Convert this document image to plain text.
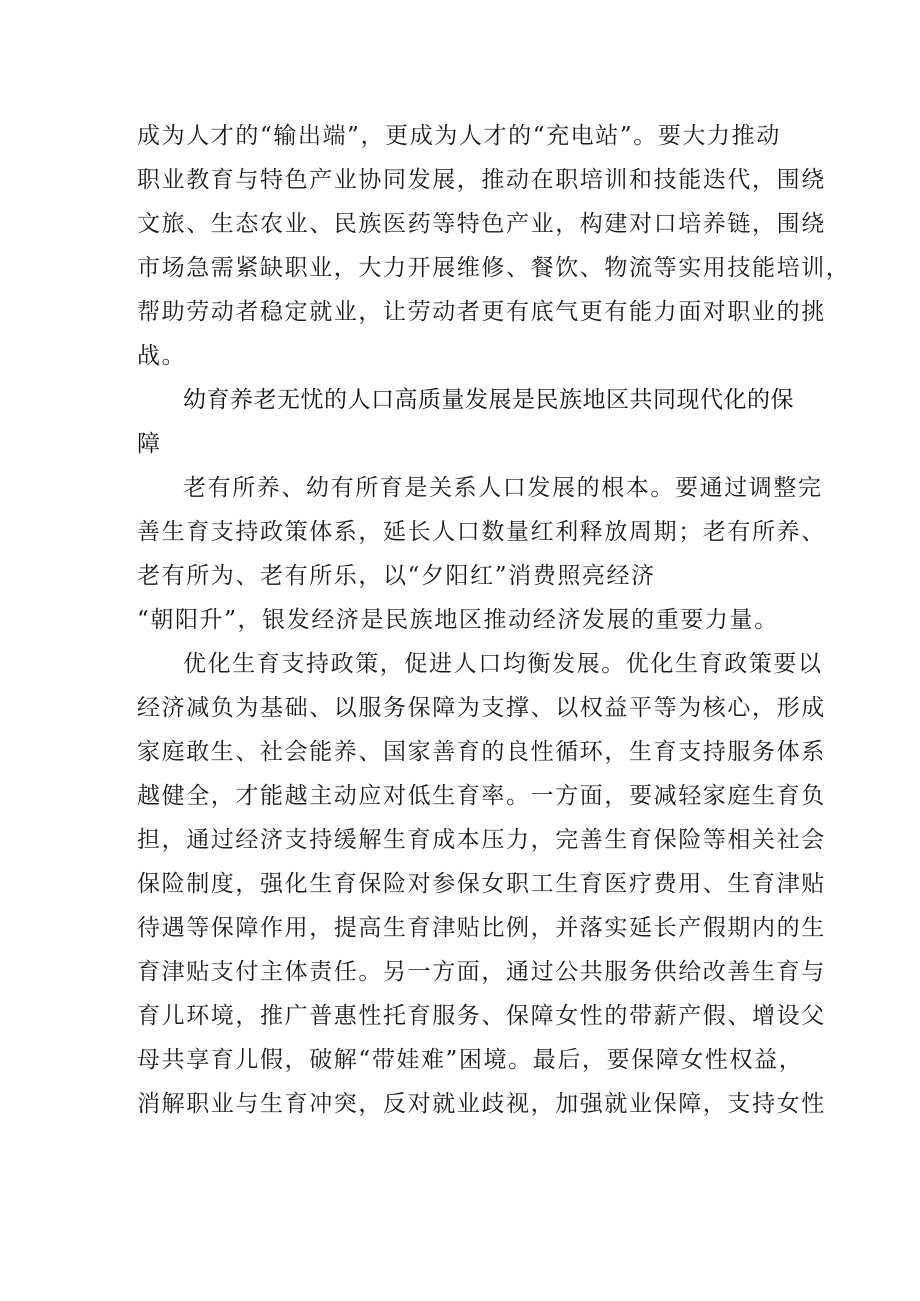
成为人才的“输出端”，更成为人才的“充电站”。要大力推动
职业教育与特色产业协同发展，推动在职培训和技能迭代，围绕
文旅、生态农业、民族医药等特色产业，构建对口培养链，围绕
市场急需紧缺职业，大力开展维修、餐饮、物流等实用技能培训，
帮助劳动者稳定就业，让劳动者更有底气更有能力面对职业的挑
战。
幼育养老无忧的人口高质量发展是民族地区共同现代化的保
障
老有所养、幼有所育是关系人口发展的根本。要通过调整完
善生育支持政策体系，延长人口数量红利释放周期；老有所养、
老有所为、老有所乐，以“夕阳红”消费照亮经济
“朝阳升”，银发经济是民族地区推动经济发展的重要力量。
优化生育支持政策，促进人口均衡发展。优化生育政策要以
经济减负为基础、以服务保障为支撑、以权益平等为核心，形成
家庭敢生、社会能养、国家善育的良性循环，生育支持服务体系
越健全，才能越主动应对低生育率。一方面，要减轻家庭生育负
担，通过经济支持缓解生育成本压力，完善生育保险等相关社会
保险制度，强化生育保险对参保女职工生育医疗费用、生育津贴
待遇等保障作用，提高生育津贴比例，并落实延长产假期内的生
育津贴支付主体责任。另一方面，通过公共服务供给改善生育与
育儿环境，推广普惠性托育服务、保障女性的带薪产假、增设父
母共享育儿假，破解“带娃难”困境。最后，要保障女性权益，
消解职业与生育冲突，反对就业歧视，加强就业保障，支持女性
